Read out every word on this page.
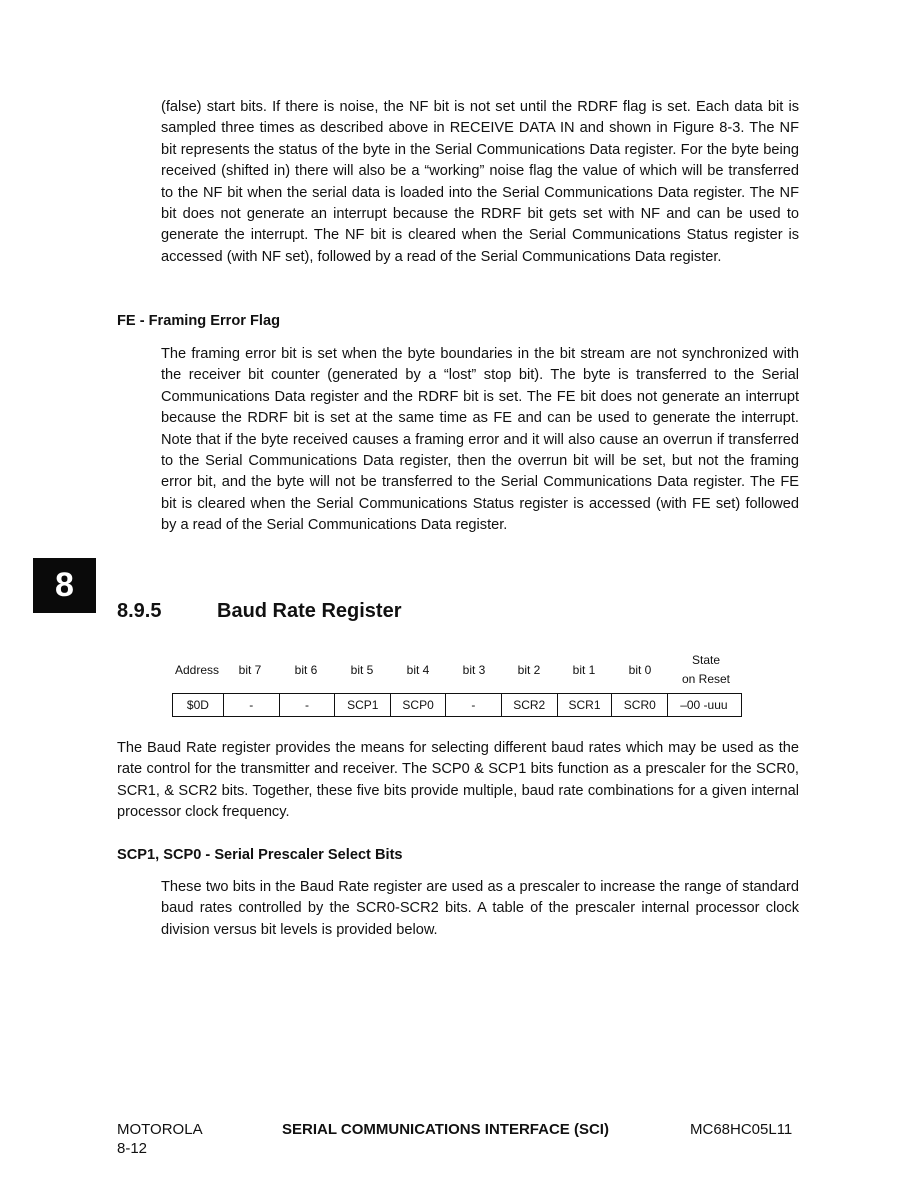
(false) start bits. If there is noise, the NF bit is not set until the RDRF flag is set. Each data bit is sampled three times as described above in RECEIVE DATA IN and shown in Figure 8-3. The NF bit represents the status of the byte in the Serial Communications Data register. For the byte being received (shifted in) there will also be a “working” noise flag the value of which will be transferred to the NF bit when the serial data is loaded into the Serial Communications Data register. The NF bit does not generate an interrupt because the RDRF bit gets set with NF and can be used to generate the interrupt. The NF bit is cleared when the Serial Communications Status register is accessed (with NF set), followed by a read of the Serial Communications Data register.

FE - Framing Error Flag

The framing error bit is set when the byte boundaries in the bit stream are not synchronized with the receiver bit counter (generated by a “lost” stop bit). The byte is transferred to the Serial Communications Data register and the RDRF bit is set. The FE bit does not generate an interrupt because the RDRF bit is set at the same time as FE and can be used to generate the interrupt. Note that if the byte received causes a framing error and it will also cause an overrun if transferred to the Serial Communications Data register, then the overrun bit will be set, but not the framing error bit, and the byte will not be transferred to the Serial Communications Data register. The FE bit is cleared when the Serial Communications Status register is accessed (with FE set) followed by a read of the Serial Communications Data register.

8
8.9.5	Baud Rate Register
Address bit 7	bit 6	bit 5	bit 4	bit 3	bit 2	bit 1	bit 0
State
on Reset
$0D	-	-	SCP1	SCP0	-	SCR2	SCR1	SCR0	–00 -uuu

The Baud Rate register provides the means for selecting different baud rates which may be used as the rate control for the transmitter and receiver. The SCP0 & SCP1 bits function as a prescaler for the SCR0, SCR1, & SCR2 bits. Together, these five bits provide multiple, baud rate combinations for a given internal processor clock frequency.

SCP1, SCP0 - Serial Prescaler Select Bits

These two bits in the Baud Rate register are used as a prescaler to increase the range of standard baud rates controlled by the SCR0-SCR2 bits. A table of the prescaler internal processor clock division versus bit levels is provided below.

MOTOROLA

8-12

SERIAL COMMUNICATIONS INTERFACE (SCI)	MC68HC05L11
